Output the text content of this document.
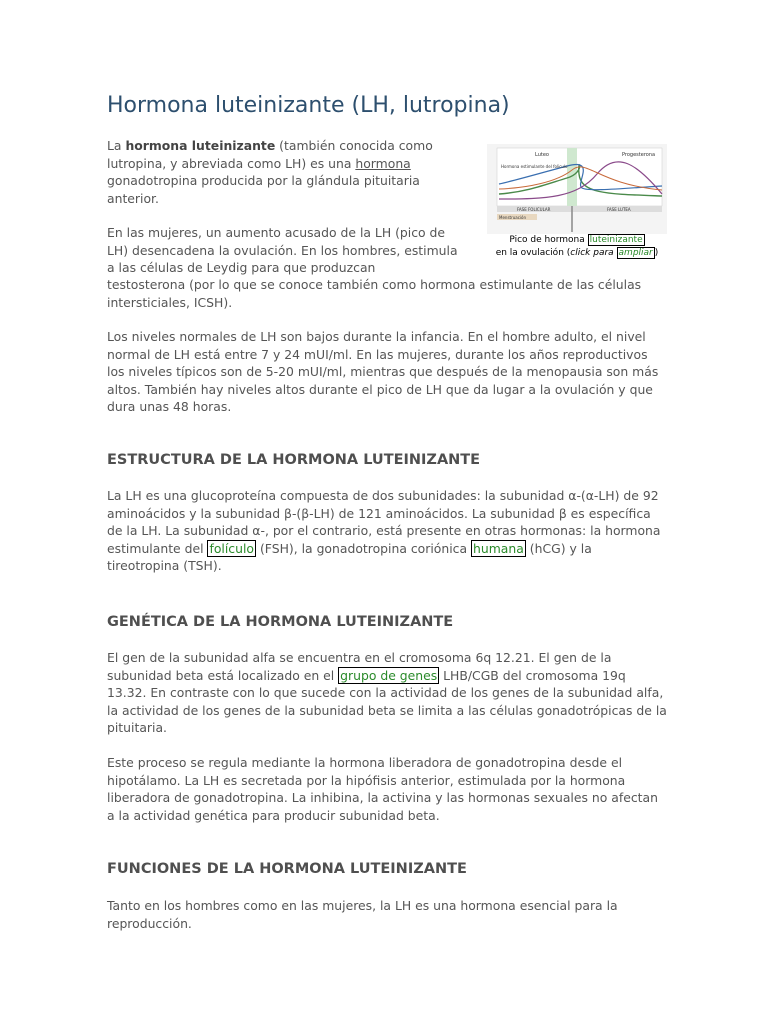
Hormona luteinizante (LH, lutropina)

La hormona luteinizante (también conocida como lutropina, y abreviada como LH) es una hormona gonadotropina producida por la glándula pituitaria anterior.

En las mujeres, un aumento acusado de la LH (pico de LH) desencadena la ovulación. En los hombres, estimula a las células de Leydig para que produzcan

testosterona (por lo que se conoce también como hormona estimulante de las células intersticiales, ICSH).

Los niveles normales de LH son bajos durante la infancia. En el hombre adulto, el nivel normal de LH está entre 7 y 24 mUI/ml. En las mujeres, durante los años reproductivos los niveles típicos son de 5-20 mUI/ml, mientras que después de la menopausia son más altos. También hay niveles altos durante el pico de LH que da lugar a la ovulación y que dura unas 48 horas.

Luteo	Progesterona
Hormona estimulante del foliculo
FASE FOLICULAR	FASE LUTEA
Menstruación
Pico de hormona luteinizante
en la ovulación (click para ampliar )
ESTRUCTURA DE LA HORMONA LUTEINIZANTE

La LH es una glucoproteína compuesta de dos subunidades: la subunidad α-(α-LH) de 92 aminoácidos y la subunidad β-(β-LH) de 121 aminoácidos. La subunidad β es específica de la LH. La subunidad α-, por el contrario, está presente en otras hormonas: la hormona estimulante del folículo (FSH), la gonadotropina coriónica humana (hCG) y la tireotropina (TSH).

GENÉTICA DE LA HORMONA LUTEINIZANTE

El gen de la subunidad alfa se encuentra en el cromosoma 6q 12.21. El gen de la subunidad beta está localizado en el grupo de genes LHB/CGB del cromosoma 19q 13.32. En contraste con lo que sucede con la actividad de los genes de la subunidad alfa, la actividad de los genes de la subunidad beta se limita a las células gonadotrópicas de la pituitaria.

Este proceso se regula mediante la hormona liberadora de gonadotropina desde el hipotálamo. La LH es secretada por la hipófisis anterior, estimulada por la hormona liberadora de gonadotropina. La inhibina, la activina y las hormonas sexuales no afectan a la actividad genética para producir subunidad beta.

FUNCIONES DE LA HORMONA LUTEINIZANTE

Tanto en los hombres como en las mujeres, la LH es una hormona esencial para la reproducción.
